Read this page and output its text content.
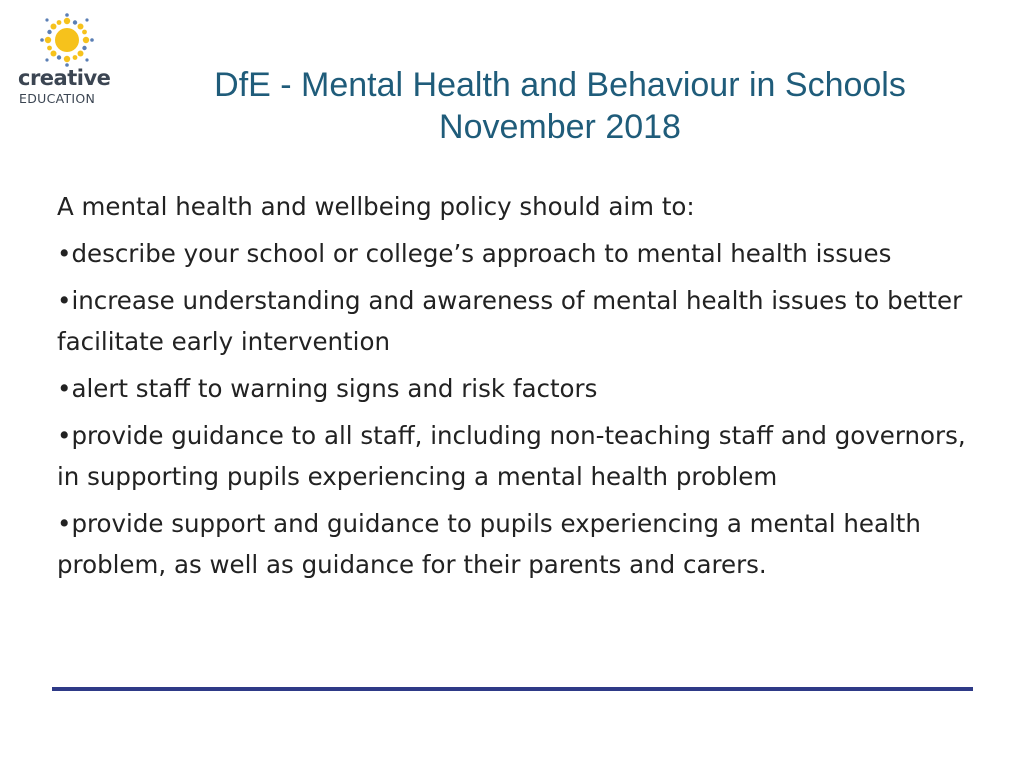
creative
EDUCATION	DfE - Mental Health and Behaviour in Schools
November 2018

A mental health and wellbeing policy should aim to:

•describe your school or college’s approach to mental health issues

•increase understanding and awareness of mental health issues to better facilitate early intervention

•alert staff to warning signs and risk factors

•provide guidance to all staff, including non-teaching staff and governors, in supporting pupils experiencing a mental health problem

•provide support and guidance to pupils experiencing a mental health problem, as well as guidance for their parents and carers.
